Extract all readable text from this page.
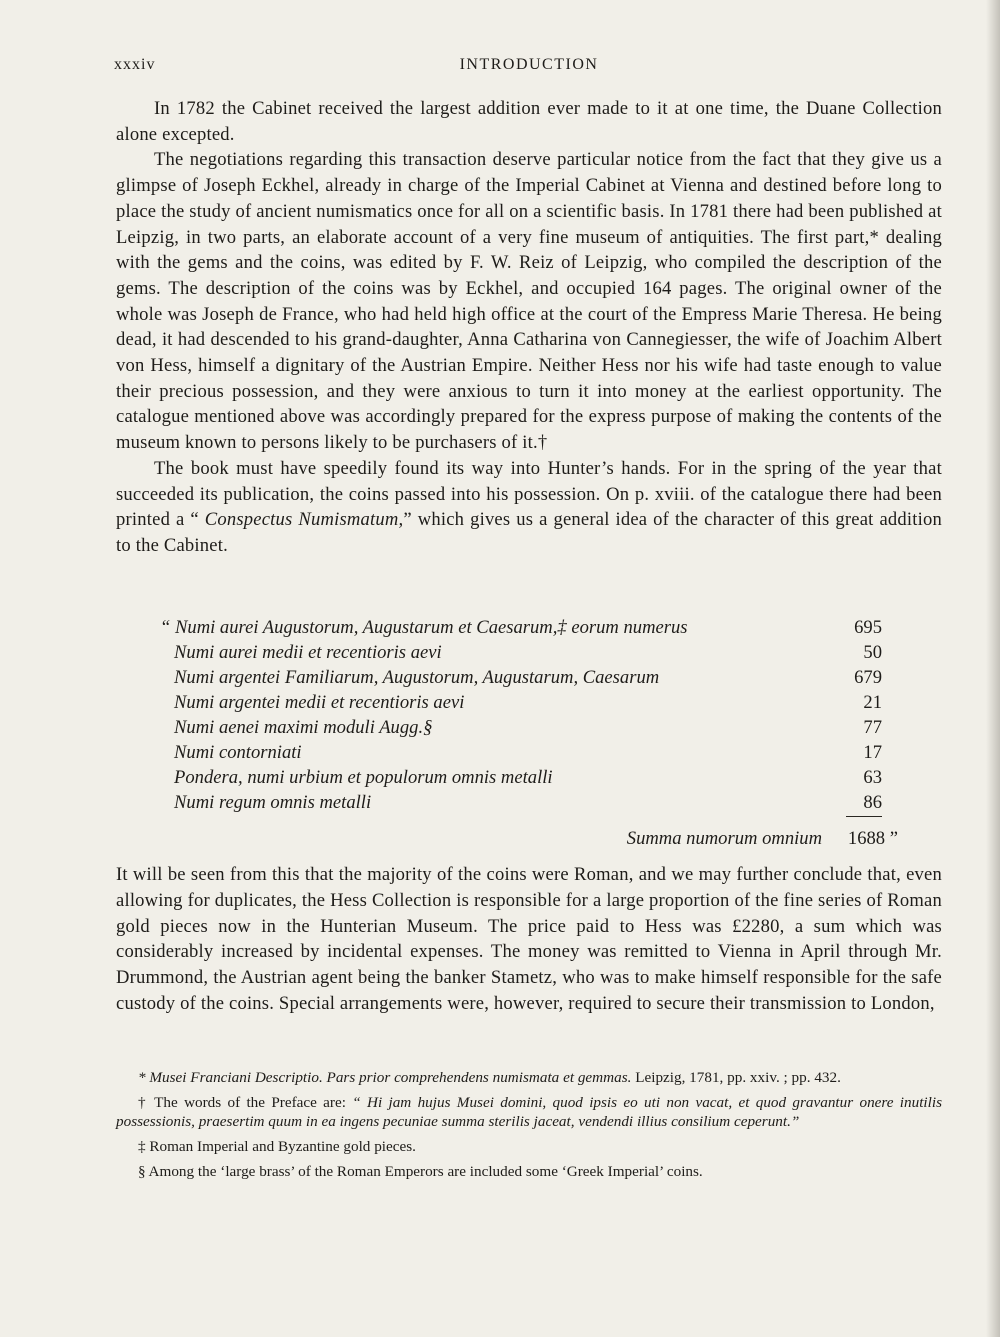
xxxiv	INTRODUCTION

In 1782 the Cabinet received the largest addition ever made to it at one time, the Duane Collection alone excepted.

The negotiations regarding this transaction deserve particular notice from the fact that they give us a glimpse of Joseph Eckhel, already in charge of the Imperial Cabinet at Vienna and destined before long to place the study of ancient numismatics once for all on a scientific basis. In 1781 there had been published at Leipzig, in two parts, an elaborate account of a very fine museum of antiquities. The first part,* dealing with the gems and the coins, was edited by F. W. Reiz of Leipzig, who compiled the description of the gems. The description of the coins was by Eckhel, and occupied 164 pages. The original owner of the whole was Joseph de France, who had held high office at the court of the Empress Marie Theresa. He being dead, it had descended to his grand-daughter, Anna Catharina von Cannegiesser, the wife of Joachim Albert von Hess, himself a dignitary of the Austrian Empire. Neither Hess nor his wife had taste enough to value their precious possession, and they were anxious to turn it into money at the earliest opportunity. The catalogue mentioned above was accordingly prepared for the express purpose of making the contents of the museum known to persons likely to be purchasers of it.†

The book must have speedily found its way into Hunter’s hands. For in the spring of the year that succeeded its publication, the coins passed into his possession. On p. xviii. of the catalogue there had been printed a “ Conspectus Numismatum,” which gives us a general idea of the character of this great addition to the Cabinet.

“ Numi aurei Augustorum, Augustarum et Caesarum,‡ eorum numerus	695
Numi aurei medii et recentioris aevi	50
Numi argentei Familiarum, Augustorum, Augustarum, Caesarum	679
Numi argentei medii et recentioris aevi	21
Numi aenei maximi moduli Augg.§	77
Numi contorniati	17
Pondera, numi urbium et populorum omnis metalli	63
Numi regum omnis metalli	86
Summa numorum omnium 1688 ”

It will be seen from this that the majority of the coins were Roman, and we may further conclude that, even allowing for duplicates, the Hess Collection is responsible for a large proportion of the fine series of Roman gold pieces now in the Hunterian Museum. The price paid to Hess was £2280, a sum which was considerably increased by incidental expenses. The money was remitted to Vienna in April through Mr. Drummond, the Austrian agent being the banker Stametz, who was to make himself responsible for the safe custody of the coins. Special arrangements were, however, required to secure their transmission to London,

* Musei Franciani Descriptio. Pars prior comprehendens numismata et gemmas. Leipzig, 1781, pp. xxiv. ; pp. 432.

† The words of the Preface are: “ Hi jam hujus Musei domini, quod ipsis eo uti non vacat, et quod gravantur onere inutilis possessionis, praesertim quum in ea ingens pecuniae summa sterilis jaceat, vendendi illius consilium ceperunt.”

‡ Roman Imperial and Byzantine gold pieces.

§ Among the ‘large brass’ of the Roman Emperors are included some ‘Greek Imperial’ coins.
